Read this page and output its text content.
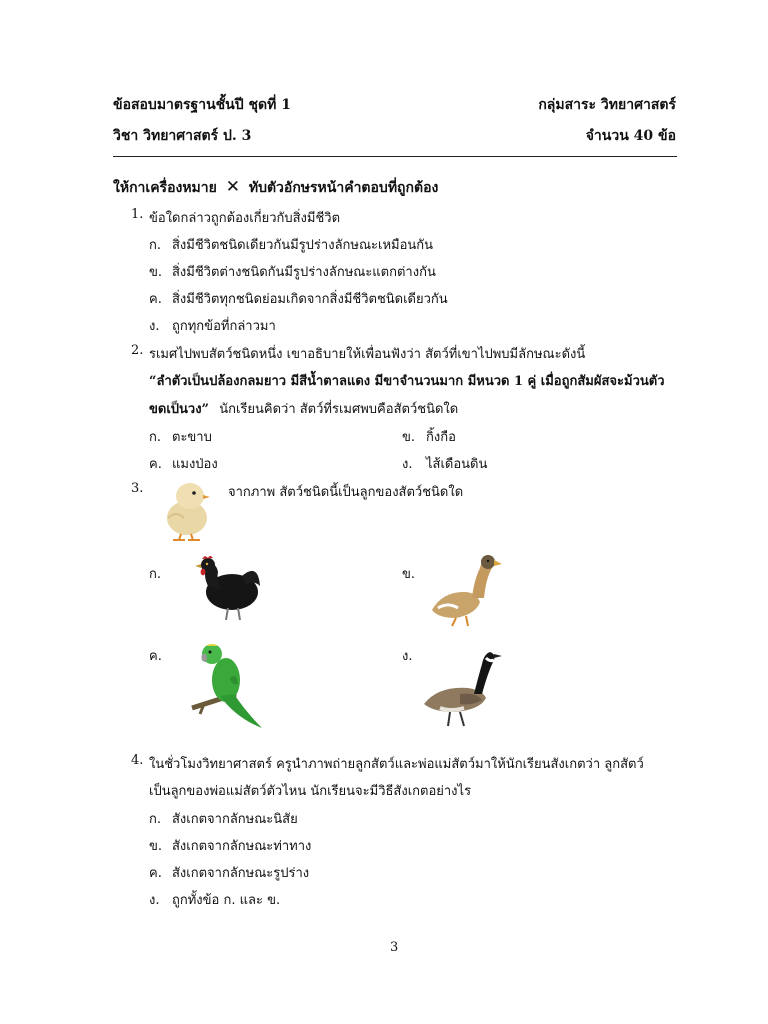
ข้อสอบมาตรฐานชั้นปี ชุดที่ 1	กลุ่มสาระ วิทยาศาสตร์
วิชา วิทยาศาสตร์ ป. 3	จำนวน 40 ข้อ
ให้กาเครื่องหมาย ✕ ทับตัวอักษรหน้าคำตอบที่ถูกต้อง
1. ข้อใดกล่าวถูกต้องเกี่ยวกับสิ่งมีชีวิต
ก. สิ่งมีชีวิตชนิดเดียวกันมีรูปร่างลักษณะเหมือนกัน
ข. สิ่งมีชีวิตต่างชนิดกันมีรูปร่างลักษณะแตกต่างกัน
ค. สิ่งมีชีวิตทุกชนิดย่อมเกิดจากสิ่งมีชีวิตชนิดเดียวกัน
ง. ถูกทุกข้อที่กล่าวมา
2. รเมศไปพบสัตว์ชนิดหนึ่ง เขาอธิบายให้เพื่อนฟังว่า สัตว์ที่เขาไปพบมีลักษณะดังนี้
“ลำตัวเป็นปล้องกลมยาว มีสีน้ำตาลแดง มีขาจำนวนมาก มีหนวด 1 คู่ เมื่อถูกสัมผัสจะม้วนตัว
ขดเป็นวง” นักเรียนคิดว่า สัตว์ที่รเมศพบคือสัตว์ชนิดใด
ก. ตะขาบ	ข. กิ้งกือ
ค. แมงป่อง	ง. ไส้เดือนดิน
3.	จากภาพ สัตว์ชนิดนี้เป็นลูกของสัตว์ชนิดใด
ก.	ข.
ค.	ง.
4. ในชั่วโมงวิทยาศาสตร์ ครูนำภาพถ่ายลูกสัตว์และพ่อแม่สัตว์มาให้นักเรียนสังเกตว่า ลูกสัตว์
เป็นลูกของพ่อแม่สัตว์ตัวไหน นักเรียนจะมีวิธีสังเกตอย่างไร
ก. สังเกตจากลักษณะนิสัย
ข. สังเกตจากลักษณะท่าทาง
ค. สังเกตจากลักษณะรูปร่าง
ง. ถูกทั้งข้อ ก. และ ข.
3
